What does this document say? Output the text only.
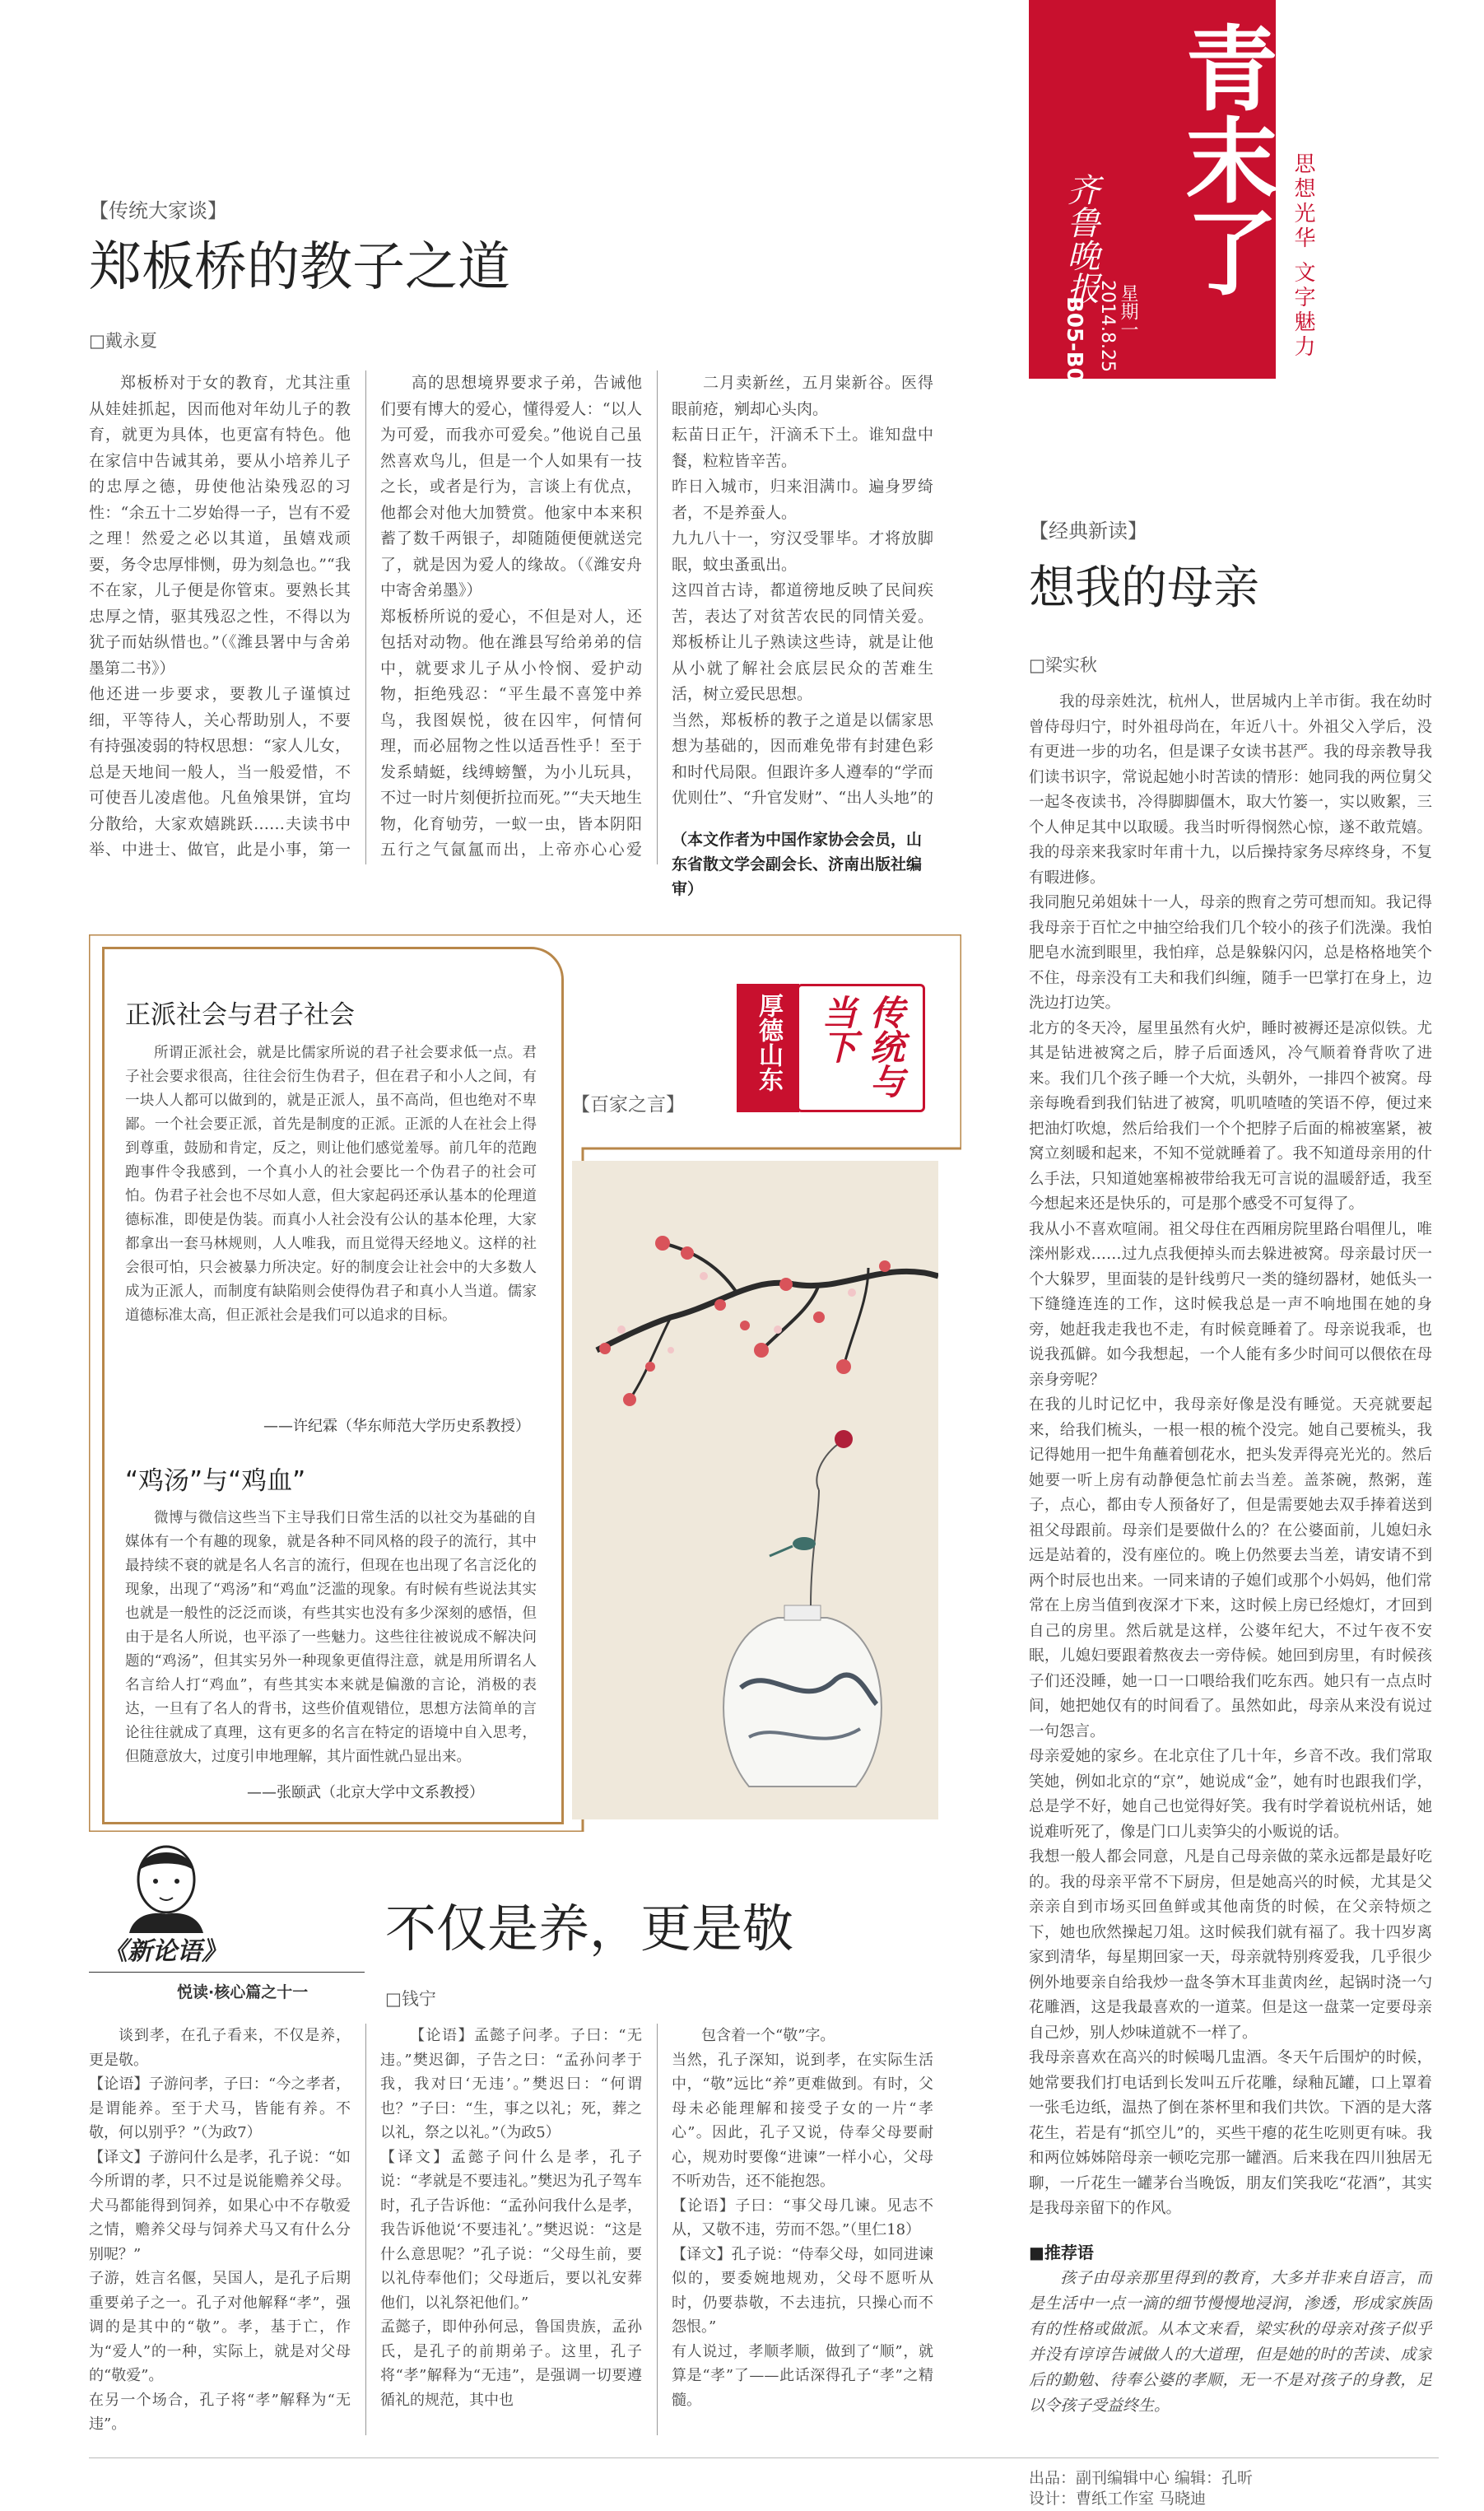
青末了
齐鲁晚报
星期一
2014.8.25
B05-B07	思想光华 文字魅力
【传统大家谈】
郑板桥的教子之道
□戴永夏
郑板桥对于女的教育，尤其注重从娃娃抓起，因而他对年幼儿子的教育，就更为具体，也更富有特色。他在家信中告诫其弟，要从小培养儿子的忠厚之德，毋使他沾染残忍的习性：“余五十二岁始得一子，岂有不爱之理！然爱之必以其道，虽嬉戏顽要，务令忠厚悱恻，毋为刻急也。”“我不在家，儿子便是你管束。要熟长其忠厚之情，驱其残忍之性，不得以为犹子而姑纵惜也。”（《潍县署中与舍弟墨第二书》）
他还进一步要求，要教儿子谨慎过细，平等待人，关心帮助别人，不要有持强凌弱的特权思想：“家人儿女，总是天地间一般人，当一般爱惜，不可使吾儿凌虐他。凡鱼飧果饼，宜均分散给，大家欢嬉跳跃……夫读书中举、中进士、做官，此是小事，第一

高的思想境界要求子弟，告诫他们要有博大的爱心，懂得爱人：“以人为可爱，而我亦可爱矣。”他说自己虽然喜欢鸟儿，但是一个人如果有一技之长，或者是行为，言谈上有优点，他都会对他大加赞赏。他家中本来积蓄了数千两银子，却随随便便就送完了，就是因为爱人的缘故。（《潍安舟中寄舍弟墨》）
郑板桥所说的爱心，不但是对人，还包括对动物。他在潍县写给弟弟的信中，就要求儿子从小怜悯、爱护动物，拒绝残忍：“平生最不喜笼中养鸟，我图娱悦，彼在囚牢，何情何理，而必屈物之性以适吾性乎！至于发系蜻蜓，线缚螃蟹，为小儿玩具，不过一时片刻便折拉而死。”“夫天地生物，化育劬劳，一蚁一虫，皆本阴阳五行之气氤氲而出，上帝亦心心爱
二月卖新丝，五月粜新谷。医得眼前疮，剜却心头肉。
耘苗日正午，汗滴禾下土。谁知盘中餐，粒粒皆辛苦。
昨日入城市，归来泪满巾。遍身罗绮者，不是养蚕人。
九九八十一，穷汉受罪毕。才将放脚眠，蚊虫蚤虱出。
这四首古诗，都道徬地反映了民间疾苦，表达了对贫苦农民的同情关爱。郑板桥让儿子熟读这些诗，就是让他从小就了解社会底层民众的苦难生活，树立爱民思想。
当然，郑板桥的教子之道是以儒家思想为基础的，因而难免带有封建色彩和时代局限。但跟许多人遵奉的“学而优则仕”、“升官发财”、“出人头地”的
（本文作者为中国作家协会会员，山东省散文学会副会长、济南出版社编审）
【经典新读】
想我的母亲
□梁实秋
我的母亲姓沈，杭州人，世居城内上羊市街。我在幼时曾侍母归宁，时外祖母尚在，年近八十。外祖父入学后，没有更进一步的功名，但是课子女读书甚严。我的母亲教导我们读书识字，常说起她小时苦读的情形：她同我的两位舅父一起冬夜读书，冷得脚脚僵木，取大竹篓一，实以败絮，三个人伸足其中以取暖。我当时听得悯然心惊，遂不敢荒嬉。我的母亲来我家时年甫十九，以后操持家务尽瘁终身，不复有暇进修。
我同胞兄弟姐妹十一人，母亲的煦育之劳可想而知。我记得我母亲于百忙之中抽空给我们几个较小的孩子们洗澡。我怕肥皂水流到眼里，我怕痒，总是躲躲闪闪，总是格格地笑个不住，母亲没有工夫和我们纠缠，随手一巴掌打在身上，边洗边打边笑。
北方的冬天冷，屋里虽然有火炉，睡时被褥还是凉似铁。尤其是钻进被窝之后，脖子后面透风，冷气顺着脊背吹了进来。我们几个孩子睡一个大炕，头朝外，一排四个被窝。母亲每晚看到我们钻进了被窝，叽叽喳喳的笑语不停，便过来把油灯吹熄，然后给我们一个个把脖子后面的棉被塞紧，被窝立刻暖和起来，不知不觉就睡着了。我不知道母亲用的什么手法，只知道她塞棉被带给我无可言说的温暖舒适，我至今想起来还是快乐的，可是那个感受不可复得了。
我从小不喜欢喧闹。祖父母住在西厢房院里路台唱俚儿，唯滦州影戏……过九点我便掉头而去躲进被窝。母亲最讨厌一个大躲罗，里面装的是针线剪尺一类的缝纫器材，她低头一下缝缝连连的工作，这时候我总是一声不响地围在她的身旁，她赶我走我也不走，有时候竟睡着了。母亲说我乖，也说我孤僻。如今我想起，一个人能有多少时间可以偎依在母亲身旁呢？
在我的儿时记忆中，我母亲好像是没有睡觉。天亮就要起来，给我们梳头，一根一根的梳个没完。她自己要梳头，我记得她用一把牛角蘸着刨花水，把头发弄得亮光光的。然后她要一听上房有动静便急忙前去当差。盖茶碗，熬粥，莲子，点心，都由专人预备好了，但是需要她去双手捧着送到祖父母跟前。母亲们是要做什么的？在公婆面前，儿媳妇永远是站着的，没有座位的。晚上仍然要去当差，请安请不到两个时辰也出来。一同来请的子媳们或那个小妈妈，他们常常在上房当值到夜深才下来，这时候上房已经熄灯，才回到自己的房里。然后就是这样，公婆年纪大，不过午夜不安眠，儿媳妇要跟着熬夜去一旁侍候。她回到房里，有时候孩子们还没睡，她一口一口喂给我们吃东西。她只有一点点时间，她把她仅有的时间看了。虽然如此，母亲从来没有说过一句怨言。
母亲爱她的家乡。在北京住了几十年，乡音不改。我们常取笑她，例如北京的“京”，她说成“金”，她有时也跟我们学，总是学不好，她自己也觉得好笑。我有时学着说杭州话，她说难听死了，像是门口儿卖笋尖的小贩说的话。
我想一般人都会同意，凡是自己母亲做的菜永远都是最好吃的。我的母亲平常不下厨房，但是她高兴的时候，尤其是父亲亲自到市场买回鱼鲜或其他南货的时候，在父亲特烦之下，她也欣然操起刀俎。这时候我们就有福了。我十四岁离家到清华，每星期回家一天，母亲就特别疼爱我，几乎很少例外地要亲自给我炒一盘冬笋木耳韭黄肉丝，起锅时浇一勺花雕酒，这是我最喜欢的一道菜。但是这一盘菜一定要母亲自己炒，别人炒味道就不一样了。
我母亲喜欢在高兴的时候喝几盅酒。冬天午后围炉的时候，她常要我们打电话到长发叫五斤花雕，绿釉瓦罐，口上罩着一张毛边纸，温热了倒在茶杯里和我们共饮。下酒的是大落花生，若是有“抓空儿”的，买些干瘪的花生吃则更有味。我和两位姊姊陪母亲一顿吃完那一罐酒。后来我在四川独居无聊，一斤花生一罐茅台当晚饭，朋友们笑我吃“花酒”，其实是我母亲留下的作风。

■推荐语
孩子由母亲那里得到的教育，大多并非来自语言，而是生活中一点一滴的细节慢慢地浸润，渗透，形成家族固有的性格或做派。从本文来看，梁实秋的母亲对孩子似乎并没有谆谆告诫做人的大道理，但是她的时的苦读、成家后的勤勉、待奉公婆的孝顺，无一不是对孩子的身教，足以令孩子受益终生。
正派社会与君子社会
所谓正派社会，就是比儒家所说的君子社会要求低一点。君子社会要求很高，往往会衍生伪君子，但在君子和小人之间，有一块人人都可以做到的，就是正派人，虽不高尚，但也绝对不卑鄙。一个社会要正派，首先是制度的正派。正派的人在社会上得到尊重，鼓励和肯定，反之，则让他们感觉羞辱。前几年的范跑跑事件令我感到，一个真小人的社会要比一个伪君子的社会可怕。伪君子社会也不尽如人意，但大家起码还承认基本的伦理道德标准，即使是伪装。而真小人社会没有公认的基本伦理，大家都拿出一套马林规则，人人唯我，而且觉得天经地义。这样的社会很可怕，只会被暴力所决定。好的制度会让社会中的大多数人成为正派人，而制度有缺陷则会使得伪君子和真小人当道。儒家道德标准太高，但正派社会是我们可以追求的目标。
——许纪霖（华东师范大学历史系教授）
“鸡汤”与“鸡血”
微博与微信这些当下主导我们日常生活的以社交为基础的自媒体有一个有趣的现象，就是各种不同风格的段子的流行，其中最持续不衰的就是名人名言的流行，但现在也出现了名言泛化的现象，出现了“鸡汤”和“鸡血”泛滥的现象。有时候有些说法其实也就是一般性的泛泛而谈，有些其实也没有多少深刻的感悟，但由于是名人所说，也平添了一些魅力。这些往往被说成不解决问题的“鸡汤”，但其实另外一种现象更值得注意，就是用所谓名人名言给人打“鸡血”，有些其实本来就是偏激的言论，消极的表达，一旦有了名人的背书，这些价值观错位，思想方法简单的言论往往就成了真理，这有更多的名言在特定的语境中自入思考，但随意放大，过度引申地理解，其片面性就凸显出来。
——张颐武（北京大学中文系教授）
厚德山东	传统与当下
【百家之言】
《新论语》
悦读·核心篇之十一
不仅是养，更是敬
□钱宁
谈到孝，在孔子看来，不仅是养，更是敬。
【论语】子游问孝，子曰：“今之孝者，是谓能养。至于犬马，皆能有养。不敬，何以别乎？”（为政7）
【译文】子游问什么是孝，孔子说：“如今所谓的孝，只不过是说能赡养父母。犬马都能得到饲养，如果心中不存敬爱之情，赡养父母与饲养犬马又有什么分别呢？”
子游，姓言名偃，吴国人，是孔子后期重要弟子之一。孔子对他解释“孝”，强调的是其中的“敬”。孝，基于亡，作为“爱人”的一种，实际上，就是对父母的“敬爱”。
在另一个场合，孔子将“孝”解释为“无违”。
【论语】孟懿子问孝。子曰：“无违。”樊迟御，子告之曰：“孟孙问孝于我，我对曰‘无违’。”樊迟曰：“何谓也？”子曰：“生，事之以礼；死，葬之以礼，祭之以礼。”（为政5）
【译文】孟懿子问什么是孝，孔子说：“孝就是不要违礼。”樊迟为孔子驾车时，孔子告诉他：“孟孙问我什么是孝，我告诉他说‘不要违礼’。”樊迟说：“这是什么意思呢？”孔子说：“父母生前，要以礼侍奉他们；父母逝后，要以礼安葬他们，以礼祭祀他们。”
孟懿子，即仲孙何忌，鲁国贵族，孟孙氏，是孔子的前期弟子。这里，孔子将“孝”解释为“无违”，是强调一切要遵循礼的规范，其中也
包含着一个“敬”字。
当然，孔子深知，说到孝，在实际生活中，“敬”远比“养”更难做到。有时，父母未必能理解和接受子女的一片“孝心”。因此，孔子又说，侍奉父母要耐心，规劝时要像“进谏”一样小心，父母不听劝告，还不能抱怨。
【论语】子曰：“事父母几谏。见志不从，又敬不违，劳而不怨。”（里仁18）
【译文】孔子说：“侍奉父母，如同进谏似的，要委婉地规劝，父母不愿听从时，仍要恭敬，不去违抗，只操心而不怨恨。”
有人说过，孝顺孝顺，做到了“顺”，就算是“孝”了——此话深得孔子“孝”之精髓。
出品：副刊编辑中心 编辑：孔昕
设计：曹纸工作室 马晓迪
